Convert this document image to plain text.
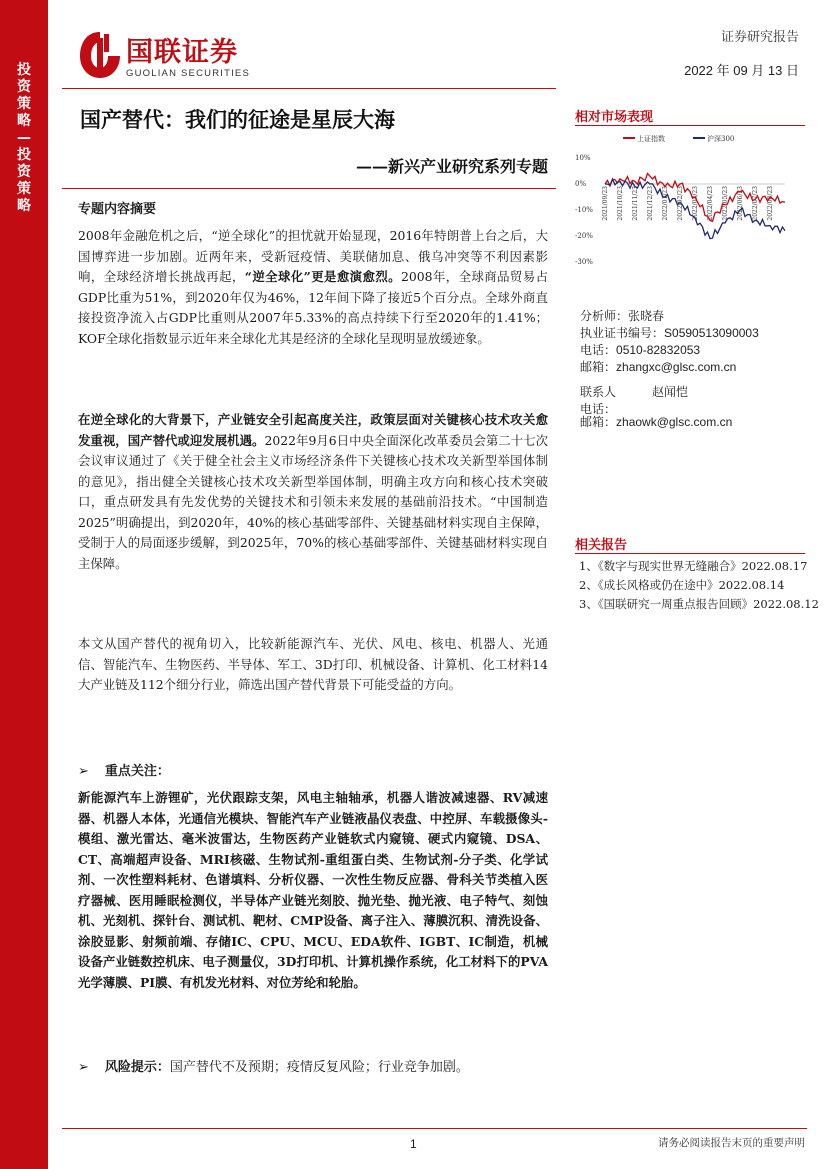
投资策略—投资策略
国联证券
GUOLIAN SECURITIES
证券研究报告
2022 年 09 月 13 日
国产替代：我们的征途是星辰大海
——新兴产业研究系列专题
专题内容摘要

2008年金融危机之后，“逆全球化”的担忧就开始显现，2016年特朗普上台之后，大国博弈进一步加剧。近两年来，受新冠疫情、美联储加息、俄乌冲突等不利因素影响，全球经济增长挑战再起，“逆全球化”更是愈演愈烈。2008年，全球商品贸易占GDP比重为51%，到2020年仅为46%，12年间下降了接近5个百分点。全球外商直接投资净流入占GDP比重则从2007年5.33%的高点持续下行至2020年的1.41%；KOF全球化指数显示近年来全球化尤其是经济的全球化呈现明显放缓迹象。

在逆全球化的大背景下，产业链安全引起高度关注，政策层面对关键核心技术攻关愈发重视，国产替代或迎发展机遇。2022年9月6日中央全面深化改革委员会第二十七次会议审议通过了《关于健全社会主义市场经济条件下关键核心技术攻关新型举国体制的意见》，指出健全关键核心技术攻关新型举国体制，明确主攻方向和核心技术突破口，重点研发具有先发优势的关键技术和引领未来发展的基础前沿技术。“中国制造2025”明确提出，到2020年，40%的核心基础零部件、关键基础材料实现自主保障，受制于人的局面逐步缓解，到2025年，70%的核心基础零部件、关键基础材料实现自主保障。

本文从国产替代的视角切入，比较新能源汽车、光伏、风电、核电、机器人、光通信、智能汽车、生物医药、半导体、军工、3D打印、机械设备、计算机、化工材料14大产业链及112个细分行业，筛选出国产替代背景下可能受益的方向。

➢ 重点关注：

新能源汽车上游锂矿，光伏跟踪支架，风电主轴轴承，机器人谐波减速器、RV减速器、机器人本体，光通信光模块、智能汽车产业链液晶仪表盘、中控屏、车载摄像头-模组、激光雷达、毫米波雷达，生物医药产业链软式内窥镜、硬式内窥镜、DSA、CT、高端超声设备、MRI核磁、生物试剂-重组蛋白类、生物试剂-分子类、化学试剂、一次性塑料耗材、色谱填料、分析仪器、一次性生物反应器、骨科关节类植入医疗器械、医用睡眠检测仪，半导体产业链光刻胶、抛光垫、抛光液、电子特气、刻蚀机、光刻机、探针台、测试机、靶材、CMP设备、离子注入、薄膜沉积、清洗设备、涂胶显影、射频前端、存储IC、CPU、MCU、EDA软件、IGBT、IC制造，机械设备产业链数控机床、电子测量仪，3D打印机、计算机操作系统，化工材料下的PVA光学薄膜、PI膜、有机发光材料、对位芳纶和轮胎。

➢ 风险提示：国产替代不及预期；疫情反复风险；行业竞争加剧。
相对市场表现
上证指数	沪深300
10%
0%
-10%
-20%
-30%
2021/09/23 2021/10/23 2021/11/23 2021/12/23 2022/01/23 2022/02/23 2022/03/23 2022/04/23 2022/05/23 2022/06/23 2022/07/23 2022/08/23
分析师：张晓春
执业证书编号：S0590513090003
电话：0510-82832053
邮箱：zhangxc@glsc.com.cn
联系人	赵闻恺
电话：
邮箱：zhaowk@glsc.com.cn
相关报告
1、《数字与现实世界无缝融合》2022.08.17
2、《成长风格或仍在途中》2022.08.14
3、《国联研究一周重点报告回顾》2022.08.12
1	请务必阅读报告末页的重要声明
